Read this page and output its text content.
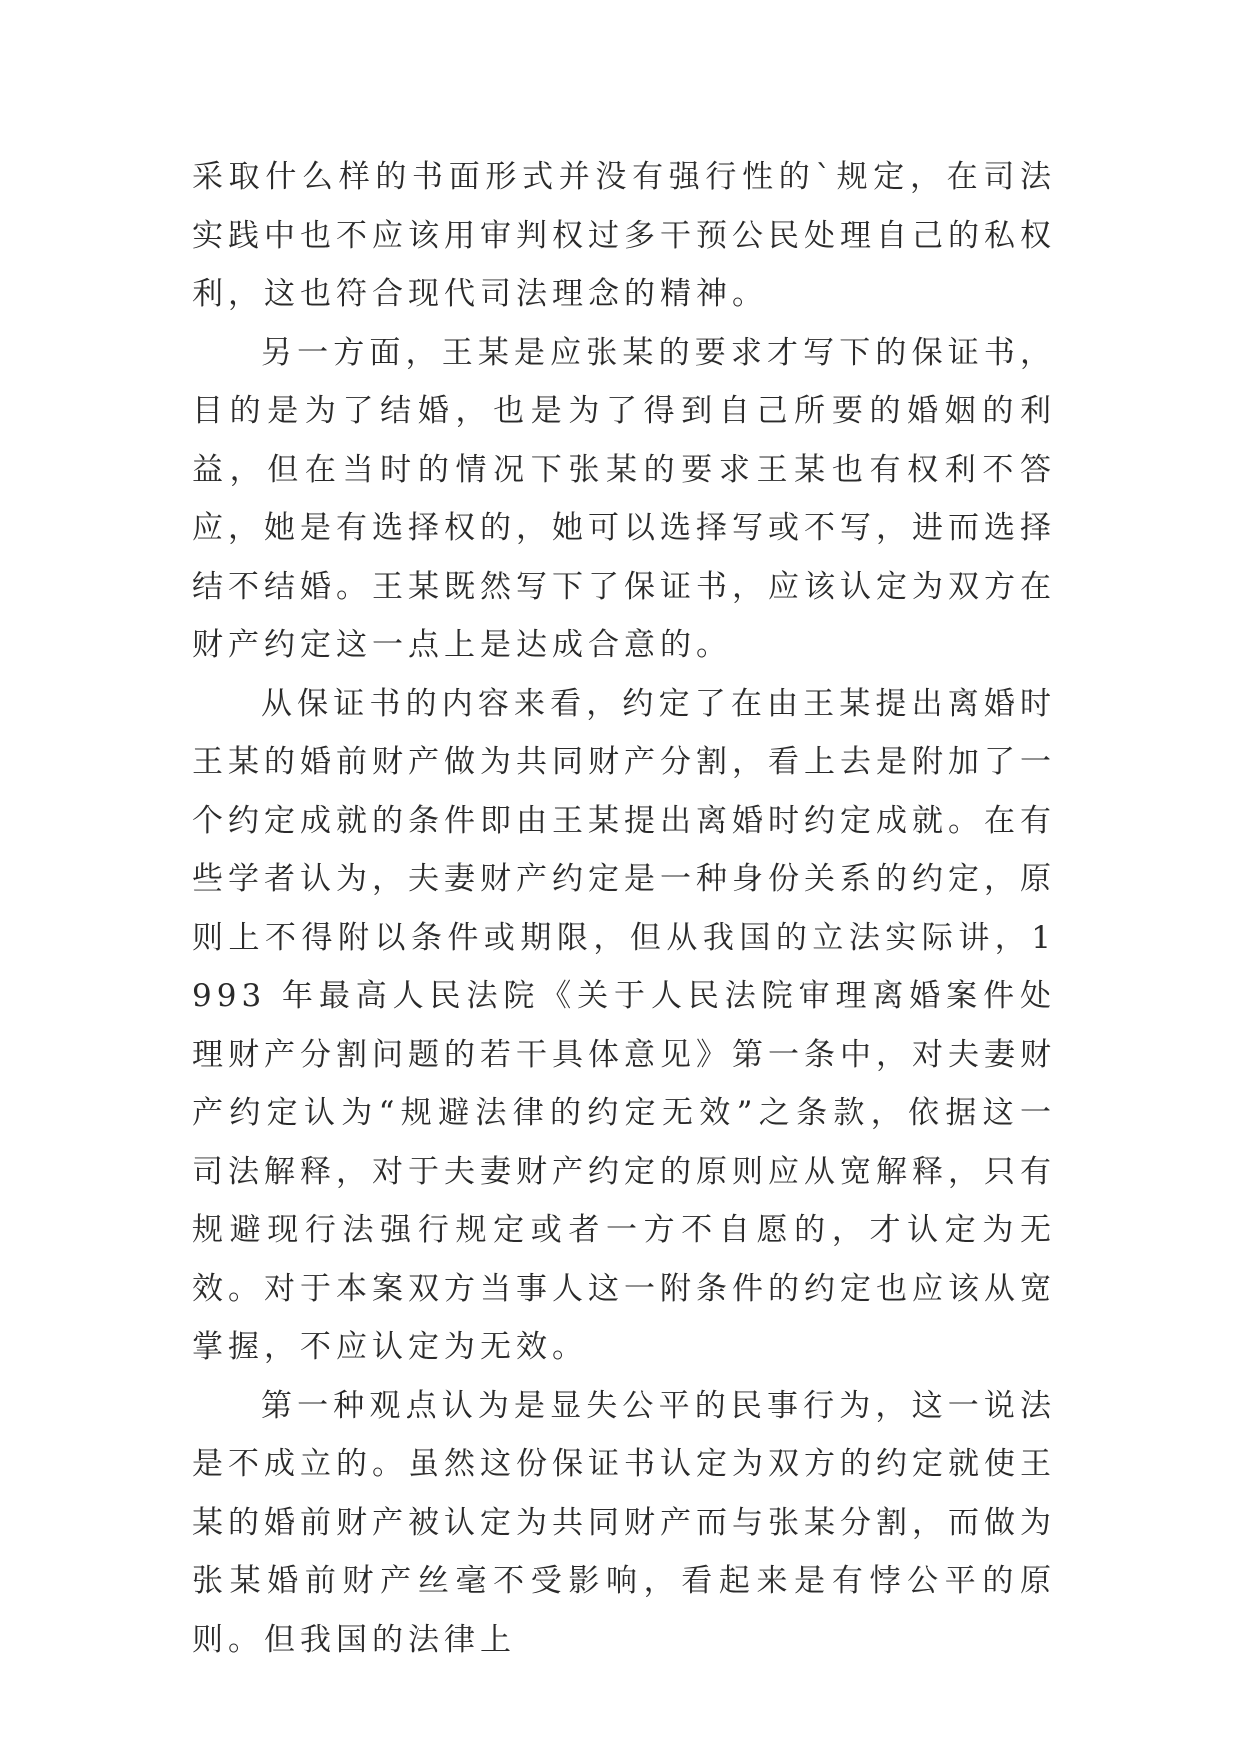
采取什么样的书面形式并没有强行性的`规定，在司法实践中也不应该用审判权过多干预公民处理自己的私权利，这也符合现代司法理念的精神。

另一方面，王某是应张某的要求才写下的保证书，目的是为了结婚，也是为了得到自己所要的婚姻的利益，但在当时的情况下张某的要求王某也有权利不答应，她是有选择权的，她可以选择写或不写，进而选择结不结婚。王某既然写下了保证书，应该认定为双方在财产约定这一点上是达成合意的。

从保证书的内容来看，约定了在由王某提出离婚时王某的婚前财产做为共同财产分割，看上去是附加了一个约定成就的条件即由王某提出离婚时约定成就。在有些学者认为，夫妻财产约定是一种身份关系的约定，原则上不得附以条件或期限，但从我国的立法实际讲，1993 年最高人民法院《关于人民法院审理离婚案件处理财产分割问题的若干具体意见》第一条中，对夫妻财产约定认为“规避法律的约定无效”之条款，依据这一司法解释，对于夫妻财产约定的原则应从宽解释，只有规避现行法强行规定或者一方不自愿的，才认定为无效。对于本案双方当事人这一附条件的约定也应该从宽掌握，不应认定为无效。

第一种观点认为是显失公平的民事行为，这一说法是不成立的。虽然这份保证书认定为双方的约定就使王某的婚前财产被认定为共同财产而与张某分割，而做为张某婚前财产丝毫不受影响，看起来是有悖公平的原则。但我国的法律上
